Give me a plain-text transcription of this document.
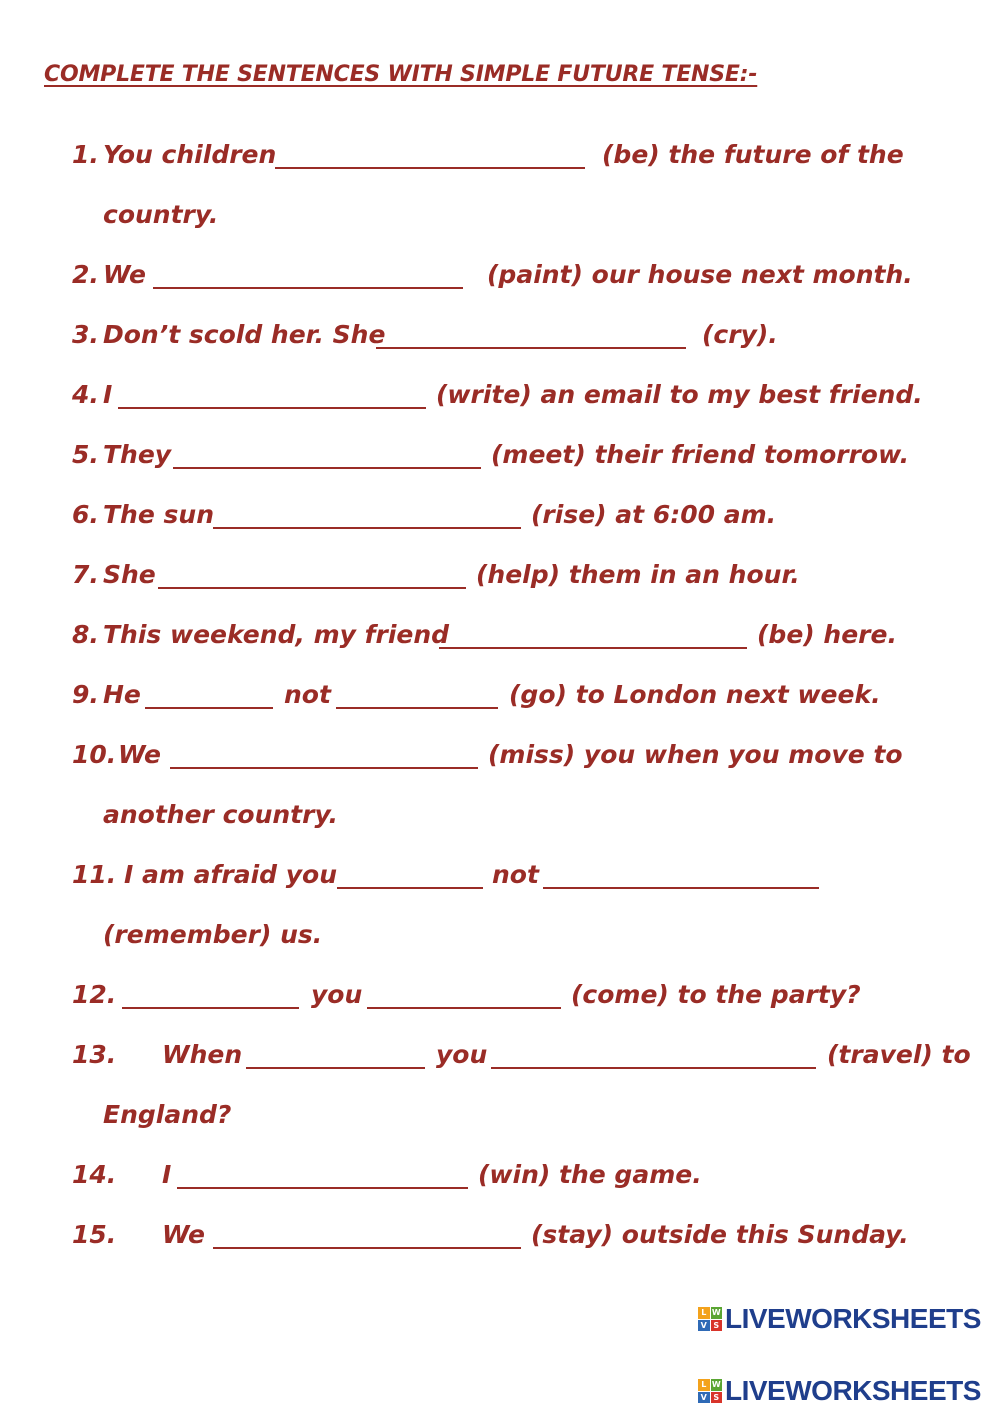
COMPLETE THE SENTENCES WITH SIMPLE FUTURE TENSE:-
1. You children	(be) the future of the
country.
2. We	(paint) our house next month.
3. Don’t scold her. She	(cry).
4. I	(write) an email to my best friend.
5. They	(meet) their friend tomorrow.
6. The sun	(rise) at 6:00 am.
7. She	(help) them in an hour.
8. This weekend, my friend	(be) here.
9. He	not	(go) to London next week.
10. We	(miss) you when you move to
another country.
11. I am afraid you	not
(remember) us.
12.	you	(come) to the party?
13. When	you	(travel) to
England?
14. I	(win) the game.
15. We	(stay) outside this Sunday.
L W
V S LIVEWORKSHEETS
L W
V S LIVEWORKSHEETS
